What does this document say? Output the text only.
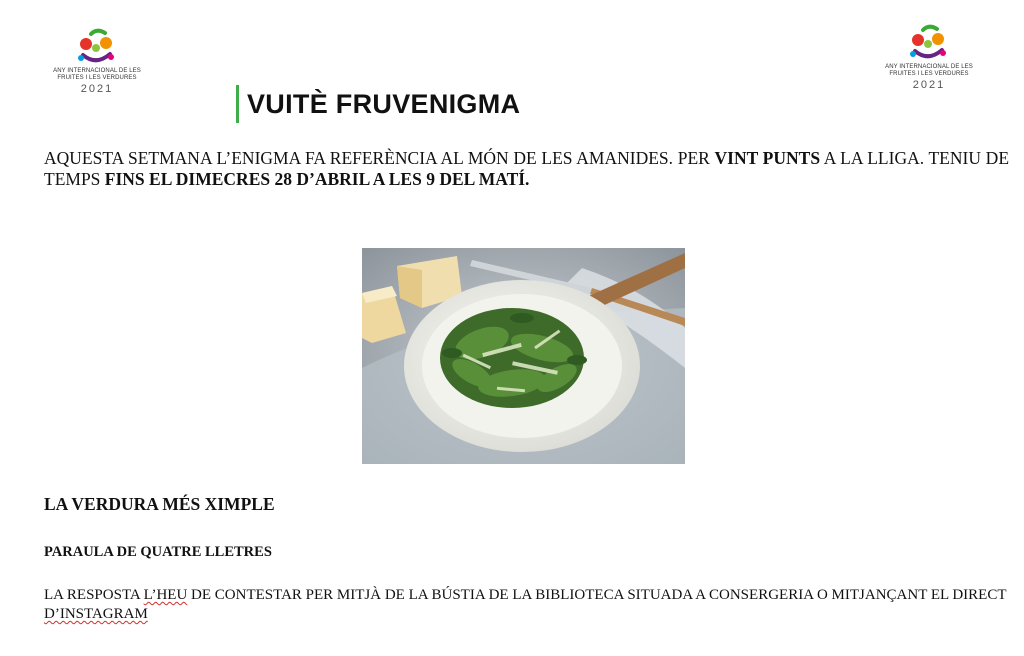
ANY INTERNACIONAL DE LES
FRUITES I LES VERDURES
2021
ANY INTERNACIONAL DE LES
FRUITES I LES VERDURES
2021
VUITÈ FRUVENIGMA
AQUESTA SETMANA L’ENIGMA FA REFERÈNCIA AL MÓN DE LES AMANIDES. PER VINT PUNTS A LA LLIGA. TENIU DE TEMPS FINS EL DIMECRES 28 D’ABRIL A LES 9 DEL MATÍ.
LA VERDURA MÉS XIMPLE
PARAULA DE QUATRE LLETRES
LA RESPOSTA L’HEU DE CONTESTAR PER MITJÀ DE LA BÚSTIA DE LA BIBLIOTECA SITUADA A CONSERGERIA O MITJANÇANT EL DIRECT D’INSTAGRAM
